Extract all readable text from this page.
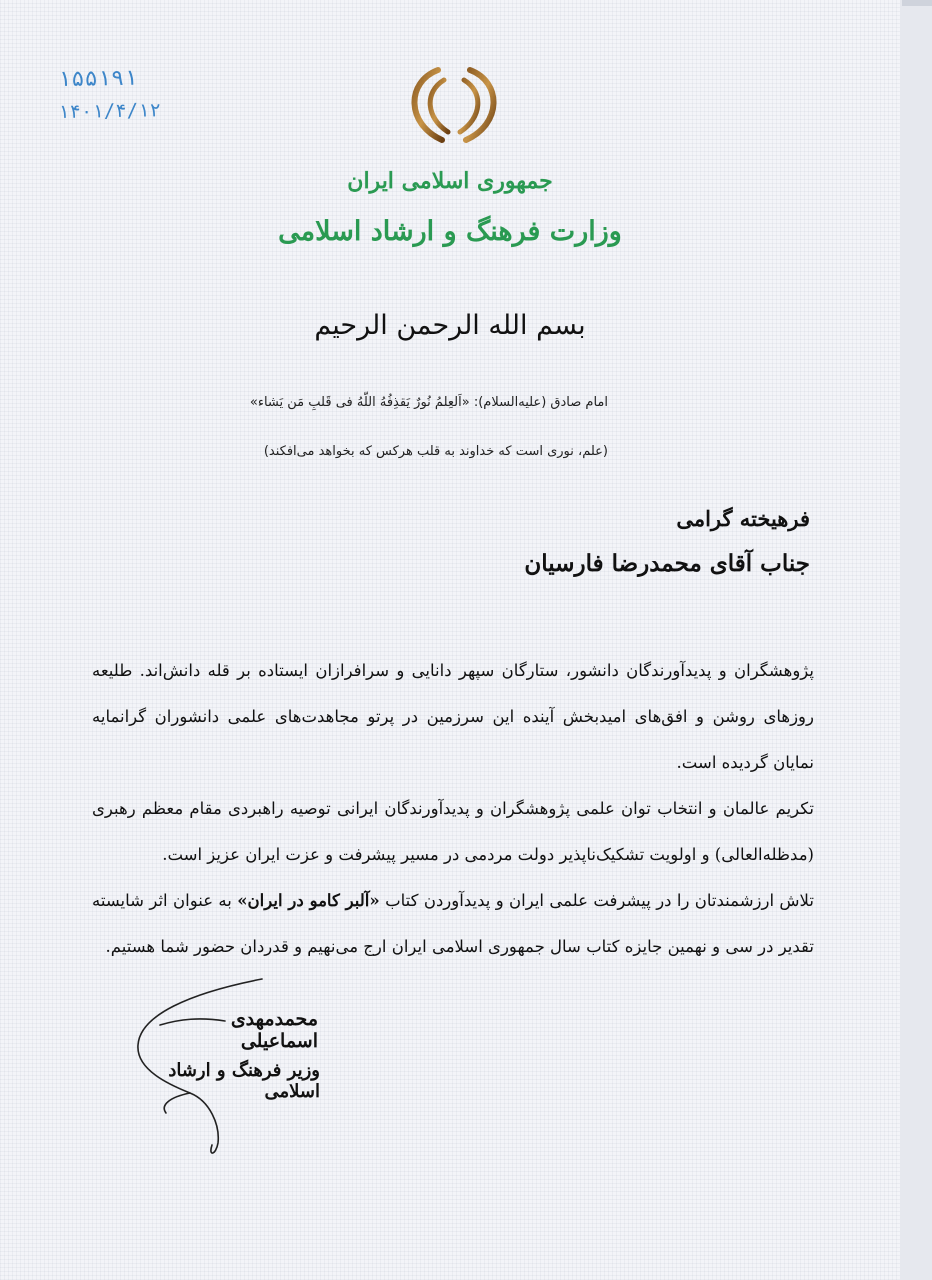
۱۵۵۱۹۱
۱۴۰۱/۴/۱۲
جمهوری اسلامی ایران
وزارت فرهنگ و ارشاد اسلامی
بسم الله الرحمن الرحیم
امام صادق (علیه‌السلام): «اَلعِلمُ نُورٌ یَقذِفُهُ اللّهُ فی قَلبِ مَن یَشاء»
(علم، نوری است که خداوند به قلب هرکس که بخواهد می‌افکند)
فرهیخته گرامی
جناب آقای محمدرضا فارسیان

پژوهشگران و پدیدآورندگان دانشور، ستارگان سپهر دانایی و سرافرازان ایستاده بر قله دانش‌اند. طلیعه روزهای روشن و افق‌های امیدبخش آینده این سرزمین در پرتو مجاهدت‌های علمی دانشوران گرانمایه نمایان گردیده است.

تکریم عالمان و انتخاب توان علمی پژوهشگران و پدیدآورندگان ایرانی توصیه راهبردی مقام معظم رهبری (مدظله‌العالی) و اولویت تشکیک‌ناپذیر دولت مردمی در مسیر پیشرفت و عزت ایران عزیز است.

تلاش ارزشمندتان را در پیشرفت علمی ایران و پدیدآوردن کتاب «آلبر کامو در ایران» به عنوان اثر شایسته تقدیر در سی و نهمین جایزه کتاب سال جمهوری اسلامی ایران ارج می‌نهیم و قدردان حضور شما هستیم.

محمدمهدی اسماعیلی
وزیر فرهنگ و ارشاد اسلامی
